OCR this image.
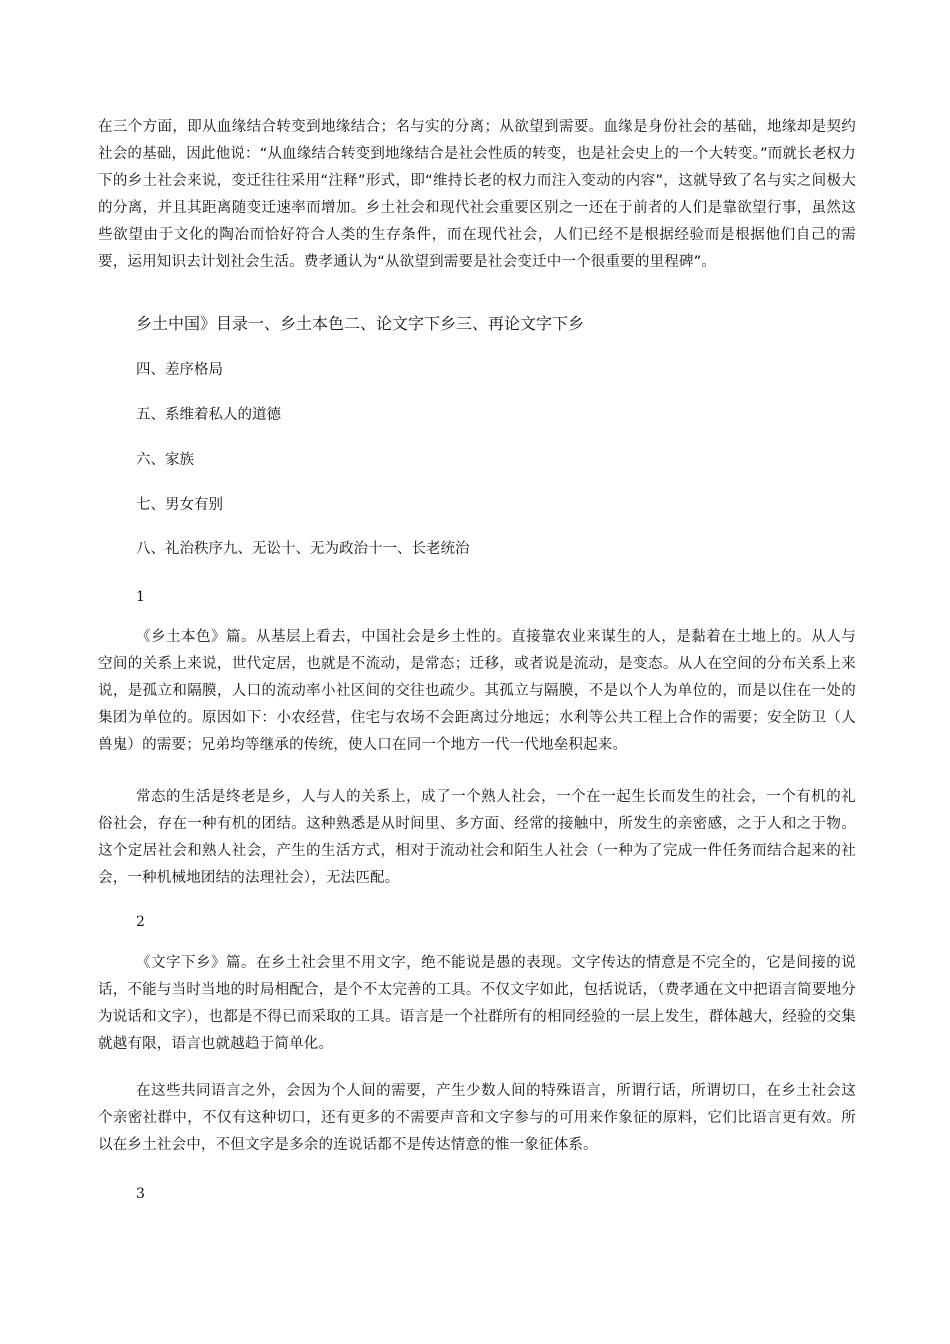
在三个方面，即从血缘结合转变到地缘结合；名与实的分离；从欲望到需要。血缘是身份社会的基础，地缘却是契约社会的基础，因此他说：“从血缘结合转变到地缘结合是社会性质的转变，也是社会史上的一个大转变。”而就长老权力下的乡土社会来说，变迁往往采用“注释”形式，即“维持长老的权力而注入变动的内容”，这就导致了名与实之间极大的分离，并且其距离随变迁速率而增加。乡土社会和现代社会重要区别之一还在于前者的人们是靠欲望行事，虽然这些欲望由于文化的陶冶而恰好符合人类的生存条件，而在现代社会，人们已经不是根据经验而是根据他们自己的需要，运用知识去计划社会生活。费孝通认为“从欲望到需要是社会变迁中一个很重要的里程碑”。
乡土中国》目录一、乡土本色二、论文字下乡三、再论文字下乡
四、差序格局
五、系维着私人的道德
六、家族
七、男女有别
八、礼治秩序九、无讼十、无为政治十一、长老统治
1
《乡土本色》篇。从基层上看去，中国社会是乡土性的。直接靠农业来谋生的人，是黏着在土地上的。从人与空间的关系上来说，世代定居，也就是不流动，是常态；迁移，或者说是流动，是变态。从人在空间的分布关系上来说，是孤立和隔膜，人口的流动率小社区间的交往也疏少。其孤立与隔膜，不是以个人为单位的，而是以住在一处的集团为单位的。原因如下：小农经营，住宅与农场不会距离过分地远；水利等公共工程上合作的需要；安全防卫（人兽鬼）的需要；兄弟均等继承的传统，使人口在同一个地方一代一代地垒积起来。
常态的生活是终老是乡，人与人的关系上，成了一个熟人社会，一个在一起生长而发生的社会，一个有机的礼俗社会，存在一种有机的团结。这种熟悉是从时间里、多方面、经常的接触中，所发生的亲密感，之于人和之于物。这个定居社会和熟人社会，产生的生活方式，相对于流动社会和陌生人社会（一种为了完成一件任务而结合起来的社会，一种机械地团结的法理社会），无法匹配。
2
《文字下乡》篇。在乡土社会里不用文字，绝不能说是愚的表现。文字传达的情意是不完全的，它是间接的说话，不能与当时当地的时局相配合，是个不太完善的工具。不仅文字如此，包括说话，（费孝通在文中把语言简要地分为说话和文字），也都是不得已而采取的工具。语言是一个社群所有的相同经验的一层上发生，群体越大，经验的交集就越有限，语言也就越趋于简单化。
在这些共同语言之外，会因为个人间的需要，产生少数人间的特殊语言，所谓行话，所谓切口，在乡土社会这个亲密社群中，不仅有这种切口，还有更多的不需要声音和文字参与的可用来作象征的原料，它们比语言更有效。所以在乡土社会中，不但文字是多余的连说话都不是传达情意的惟一象征体系。
3
